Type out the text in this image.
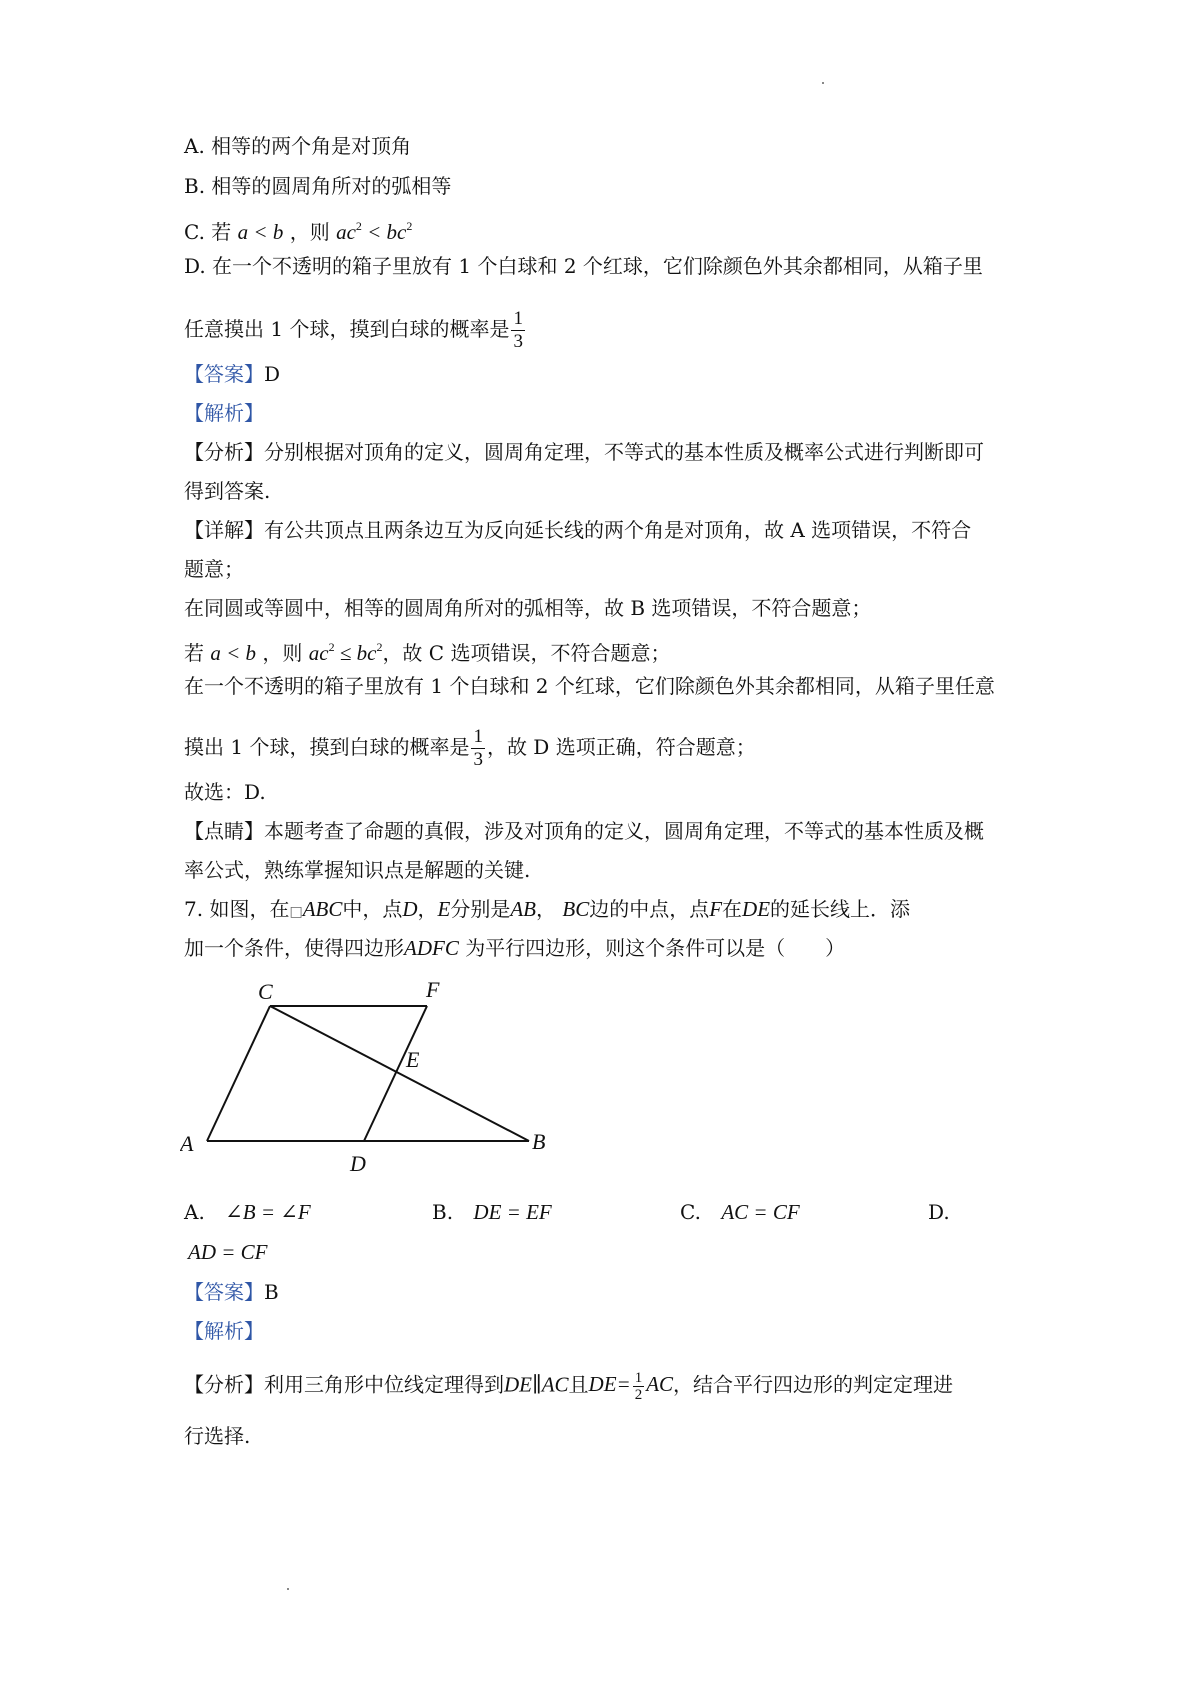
A. 相等的两个角是对顶角
B. 相等的圆周角所对的弧相等
C. 若 a < b ，则 $ac^2 < bc^2$
D. 在一个不透明的箱子里放有 1 个白球和 2 个红球，它们除颜色外其余都相同，从箱子里
任意摸出 1 个球，摸到白球的概率是 $\frac{1}{3}$
【答案】D
【解析】
【分析】分别根据对顶角的定义，圆周角定理，不等式的基本性质及概率公式进行判断即可
得到答案.
【详解】有公共顶点且两条边互为反向延长线的两个角是对顶角，故 A 选项错误，不符合
题意；
在同圆或等圆中，相等的圆周角所对的弧相等，故 B 选项错误，不符合题意；
若 a < b ，则 $ac^2 \le bc^2$，故 C 选项错误，不符合题意；
在一个不透明的箱子里放有 1 个白球和 2 个红球，它们除颜色外其余都相同，从箱子里任意
摸出 1 个球，摸到白球的概率是 $\frac{1}{3}$ ，故 D 选项正确，符合题意；
故选：D.
【点睛】本题考查了命题的真假，涉及对顶角的定义，圆周角定理，不等式的基本性质及概
率公式，熟练掌握知识点是解题的关键.
7. 如图，在□ABC中，点D，E分别是AB， BC边的中点，点F在DE的延长线上．添
加一个条件，使得四边形ADFC 为平行四边形，则这个条件可以是（　　）
C	F
E
A	B
D
A. ∠B = ∠F	B. DE = EF	C. AC = CF	D.
AD = CF
【答案】B
【解析】
【分析】利用三角形中位线定理得到DE∥AC且$DE= \frac{1}{2}$ AC，结合平行四边形的判定定理进
行选择.
